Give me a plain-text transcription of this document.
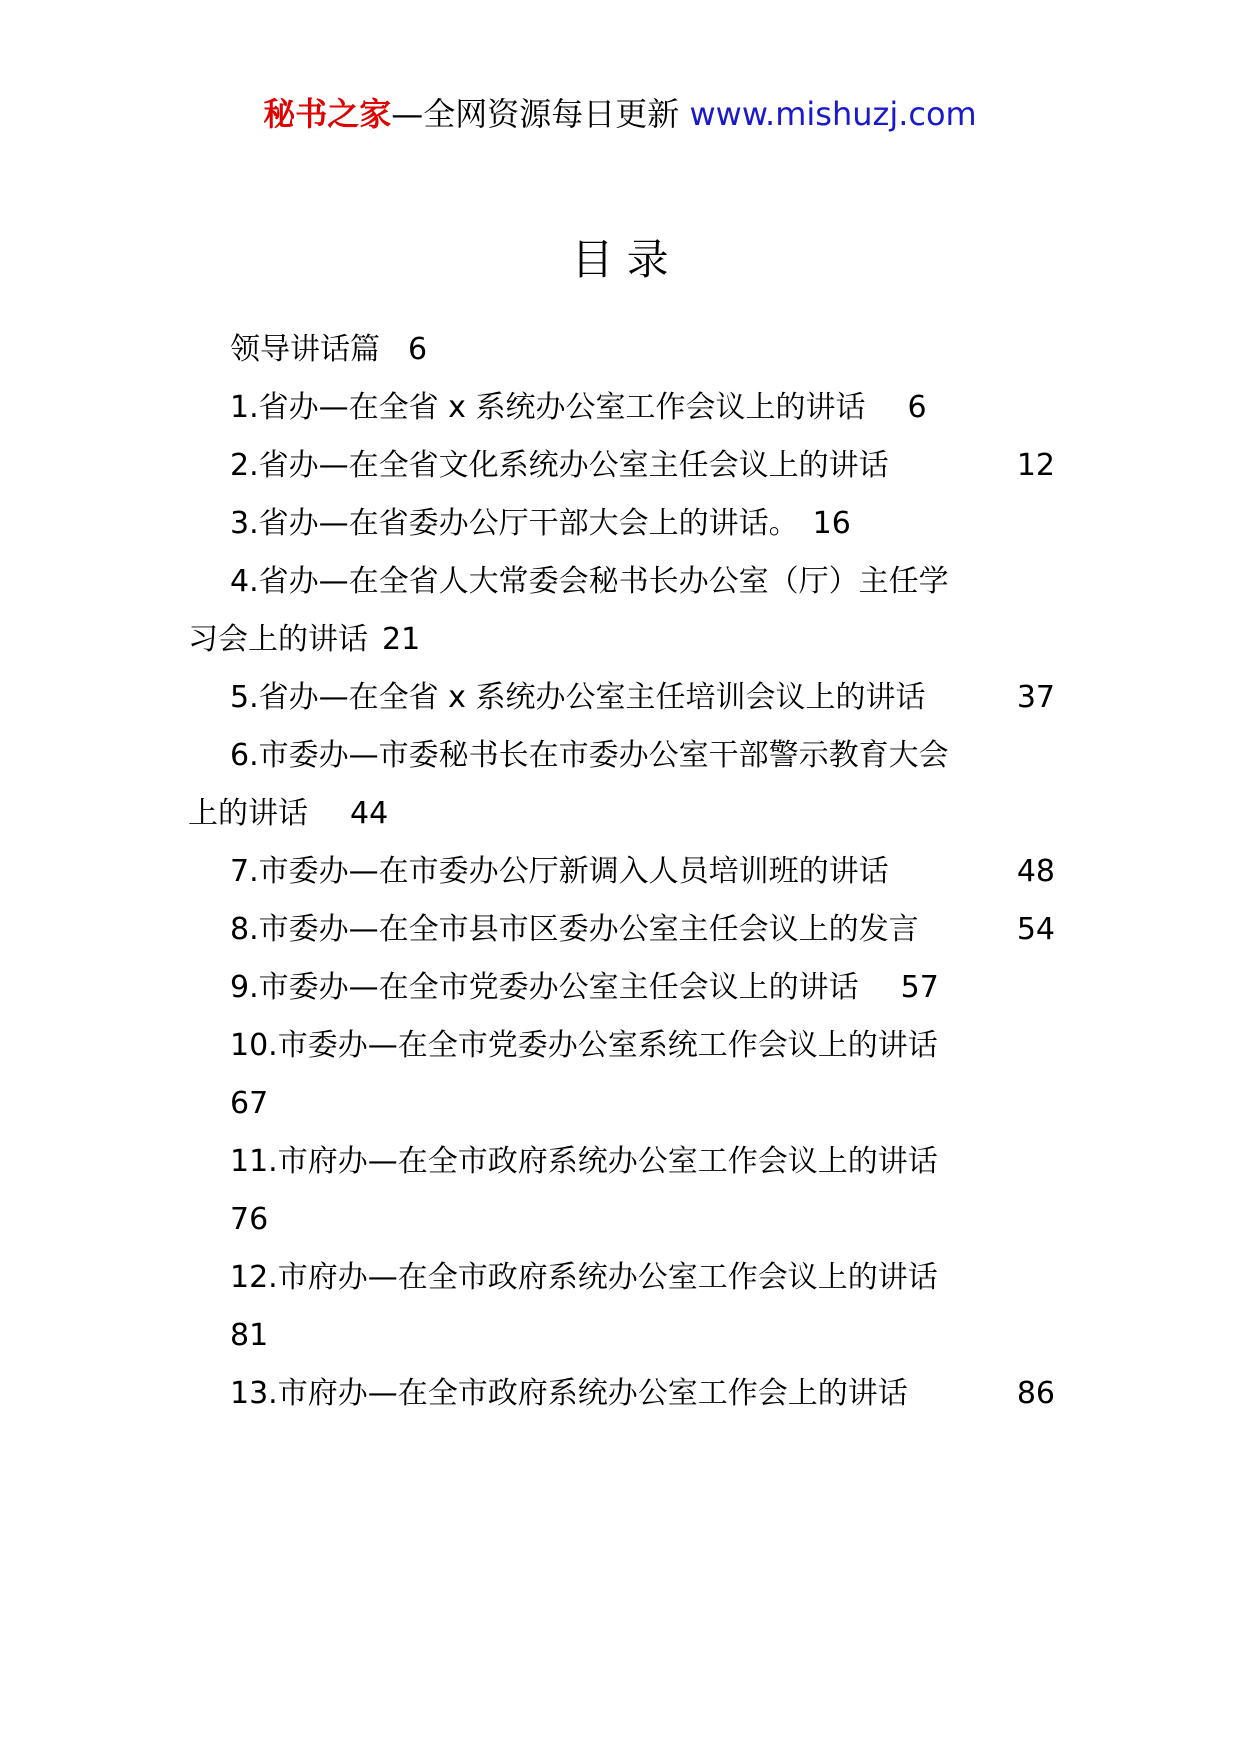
秘书之家—全网资源每日更新 www.mishuzj.com
目 录
领导讲话篇 6
1.省办—在全省 x 系统办公室工作会议上的讲话 6
2.省办—在全省文化系统办公室主任会议上的讲话	12
3.省办—在省委办公厅干部大会上的讲话。 16
4.省办—在全省人大常委会秘书长办公室（厅）主任学
习会上的讲话 21
5.省办—在全省 x 系统办公室主任培训会议上的讲话	37
6.市委办—市委秘书长在市委办公室干部警示教育大会
上的讲话 44
7.市委办—在市委办公厅新调入人员培训班的讲话	48
8.市委办—在全市县市区委办公室主任会议上的发言	54
9.市委办—在全市党委办公室主任会议上的讲话 57
10.市委办—在全市党委办公室系统工作会议上的讲话
67
11.市府办—在全市政府系统办公室工作会议上的讲话
76
12.市府办—在全市政府系统办公室工作会议上的讲话
81
13.市府办—在全市政府系统办公室工作会上的讲话	86
